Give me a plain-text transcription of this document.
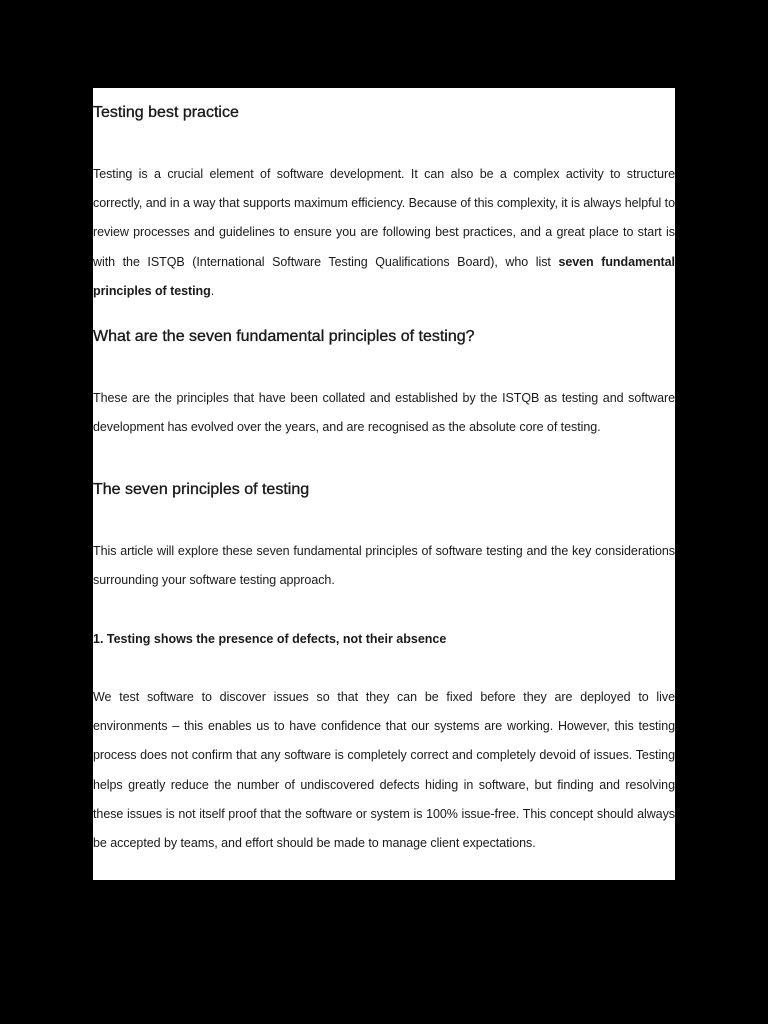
Testing best practice

Testing is a crucial element of software development. It can also be a complex activity to structure correctly, and in a way that supports maximum efficiency. Because of this complexity, it is always helpful to review processes and guidelines to ensure you are following best practices, and a great place to start is with the ISTQB (International Software Testing Qualifications Board), who list seven fundamental principles of testing.

What are the seven fundamental principles of testing?

These are the principles that have been collated and established by the ISTQB as testing and software development has evolved over the years, and are recognised as the absolute core of testing.

The seven principles of testing

This article will explore these seven fundamental principles of software testing and the key considerations surrounding your software testing approach.

1. Testing shows the presence of defects, not their absence

We test software to discover issues so that they can be fixed before they are deployed to live environments – this enables us to have confidence that our systems are working. However, this testing process does not confirm that any software is completely correct and completely devoid of issues. Testing helps greatly reduce the number of undiscovered defects hiding in software, but finding and resolving these issues is not itself proof that the software or system is 100% issue-free. This concept should always be accepted by teams, and effort should be made to manage client expectations.
